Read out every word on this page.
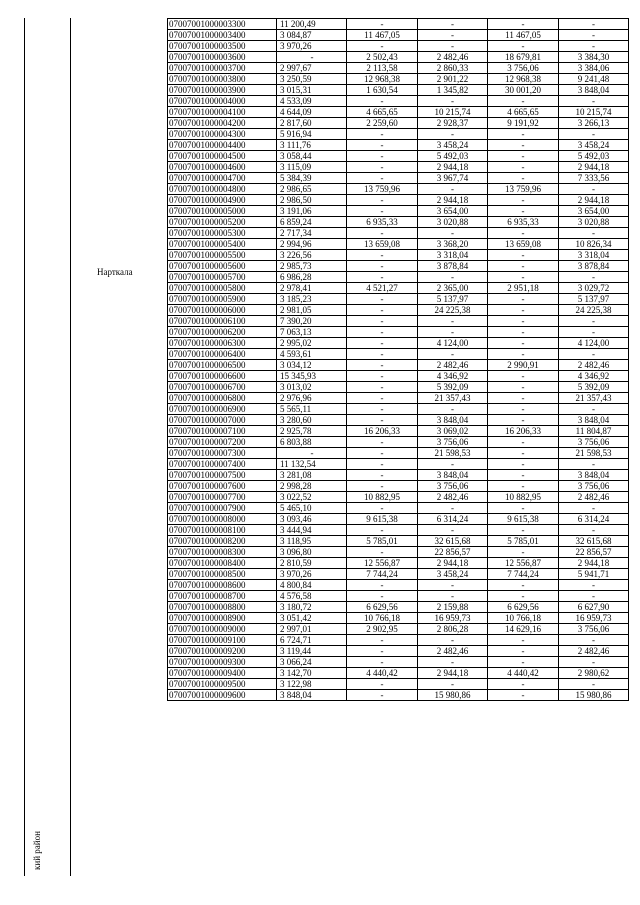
кий район
Нарткала
07007001000003300	11 200,49	-	-	-	-
07007001000003400	3 084,87	11 467,05	-	11 467,05	-
07007001000003500	3 970,26	-	-	-	-
07007001000003600	-	2 502,43	2 482,46	18 679,81	3 384,30
07007001000003700	2 997,67	2 113,58	2 860,33	3 756,06	3 384,06
07007001000003800	3 250,59	12 968,38	2 901,22	12 968,38	9 241,48
07007001000003900	3 015,31	1 630,54	1 345,82	30 001,20	3 848,04
07007001000004000	4 533,09	-	-	-	-
07007001000004100	4 644,09	4 665,65	10 215,74	4 665,65	10 215,74
07007001000004200	2 817,60	2 259,60	2 928,37	9 191,92	3 266,13
07007001000004300	5 916,94	-	-	-	-
07007001000004400	3 111,76	-	3 458,24	-	3 458,24
07007001000004500	3 058,44	-	5 492,03	-	5 492,03
07007001000004600	3 115,09	-	2 944,18	-	2 944,18
07007001000004700	5 384,39	-	3 967,74	-	7 333,56
07007001000004800	2 986,65	13 759,96	-	13 759,96	-
07007001000004900	2 986,50	-	2 944,18	-	2 944,18
07007001000005000	3 191,06	-	3 654,00	-	3 654,00
07007001000005200	6 859,24	6 935,33	3 020,88	6 935,33	3 020,88
07007001000005300	2 717,34	-	-	-	-
07007001000005400	2 994,96	13 659,08	3 368,20	13 659,08	10 826,34
07007001000005500	3 226,56	-	3 318,04	-	3 318,04
07007001000005600	2 985,73	-	3 878,84	-	3 878,84
07007001000005700	6 986,28	-	-	-	-
07007001000005800	2 978,41	4 521,27	2 365,00	2 951,18	3 029,72
07007001000005900	3 185,23	-	5 137,97	-	5 137,97
07007001000006000	2 981,05	-	24 225,38	-	24 225,38
07007001000006100	7 390,20	-	-	-	-
07007001000006200	7 063,13	-	-	-	-
07007001000006300	2 995,02	-	4 124,00	-	4 124,00
07007001000006400	4 593,61	-	-	-	-
07007001000006500	3 034,12	-	2 482,46	2 990,91	2 482,46
07007001000006600	15 345,93	-	4 346,92	-	4 346,92
07007001000006700	3 013,02	-	5 392,09	-	5 392,09
07007001000006800	2 976,96	-	21 357,43	-	21 357,43
07007001000006900	5 565,11	-	-	-	-
07007001000007000	3 280,60	-	3 848,04	-	3 848,04
07007001000007100	2 925,78	16 206,33	3 069,02	16 206,33	11 804,87
07007001000007200	6 803,88	-	3 756,06	-	3 756,06
07007001000007300	-	-	21 598,53	-	21 598,53
07007001000007400	11 132,54	-	-	-	-
07007001000007500	3 281,08	-	3 848,04	-	3 848,04
07007001000007600	2 998,28	-	3 756,06	-	3 756,06
07007001000007700	3 022,52	10 882,95	2 482,46	10 882,95	2 482,46
07007001000007900	5 465,10	-	-	-	-
07007001000008000	3 093,46	9 615,38	6 314,24	9 615,38	6 314,24
07007001000008100	3 444,94	-	-	-	-
07007001000008200	3 118,95	5 785,01	32 615,68	5 785,01	32 615,68
07007001000008300	3 096,80	-	22 856,57	-	22 856,57
07007001000008400	2 810,59	12 556,87	2 944,18	12 556,87	2 944,18
07007001000008500	3 970,26	7 744,24	3 458,24	7 744,24	5 941,71
07007001000008600	4 800,84	-	-	-	-
07007001000008700	4 576,58	-	-	-	-
07007001000008800	3 180,72	6 629,56	2 159,88	6 629,56	6 627,90
07007001000008900	3 051,42	10 766,18	16 959,73	10 766,18	16 959,73
07007001000009000	2 997,01	2 902,95	2 806,28	14 629,16	3 756,06
07007001000009100	6 724,71	-	-	-	-
07007001000009200	3 119,44	-	2 482,46	-	2 482,46
07007001000009300	3 066,24	-	-	-	-
07007001000009400	3 142,70	4 440,42	2 944,18	4 440,42	2 980,62
07007001000009500	3 122,98	-	-	-	-
07007001000009600	3 848,04	-	15 980,86	-	15 980,86
